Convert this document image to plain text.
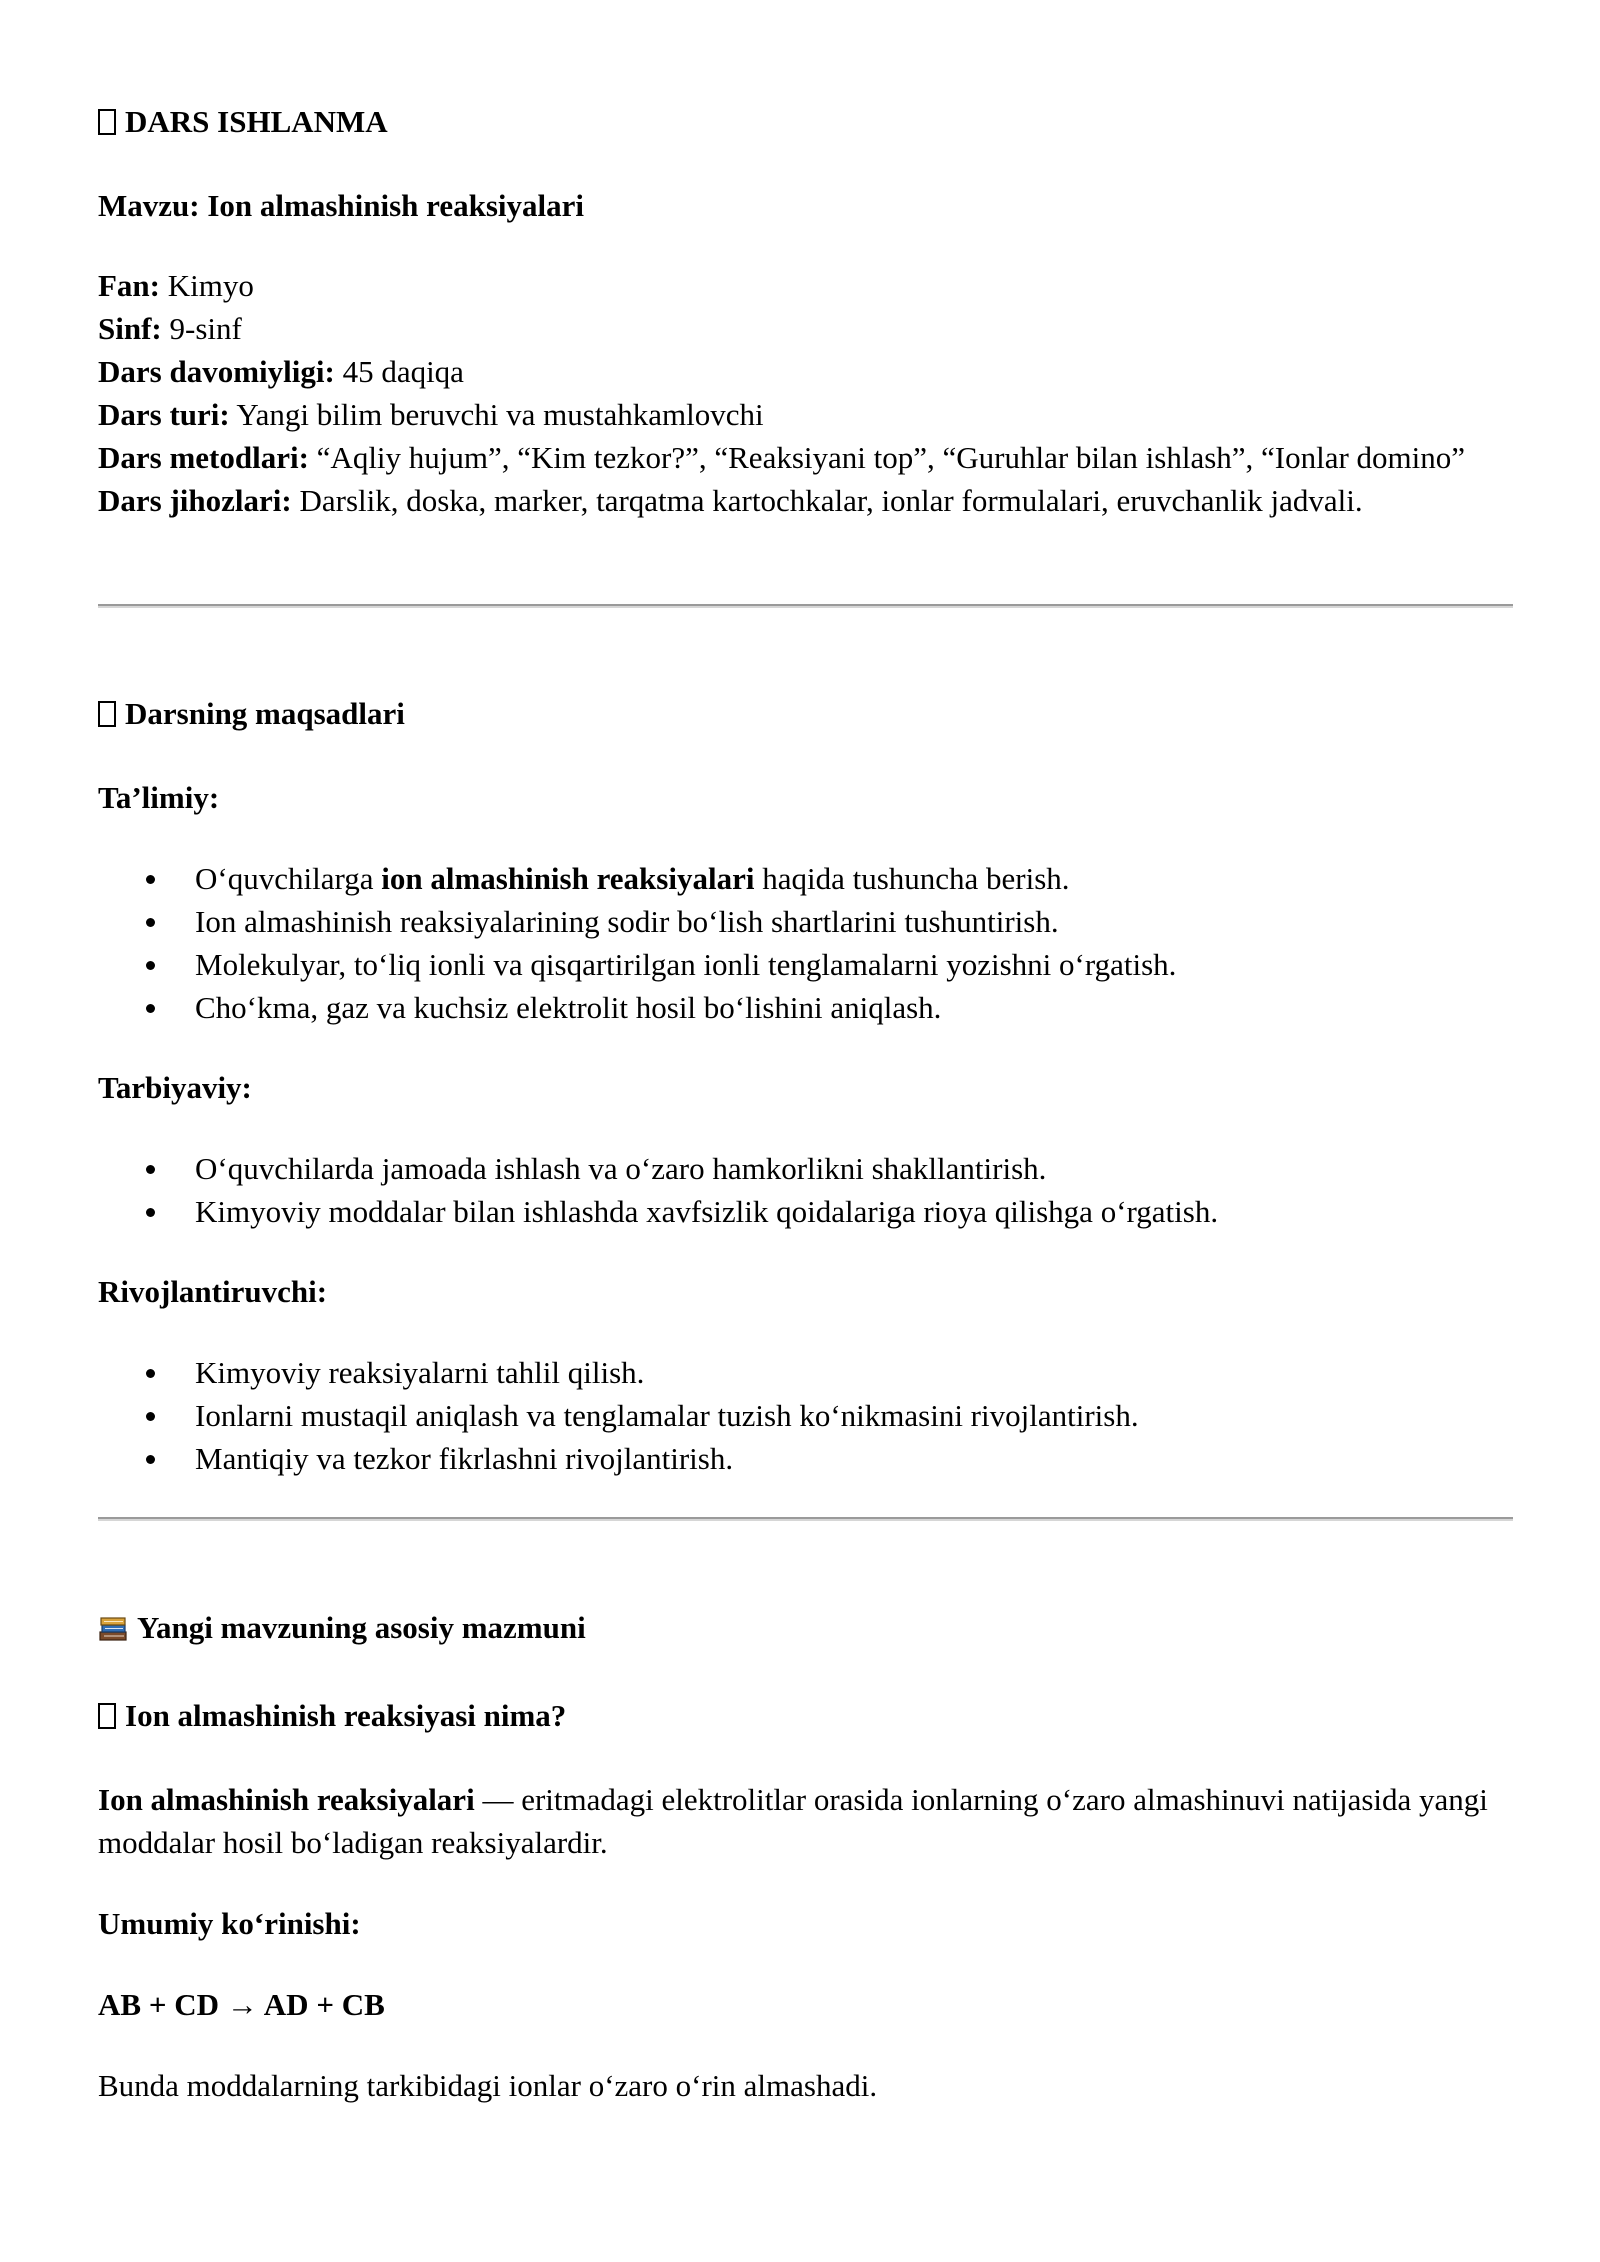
DARS ISHLANMA
Mavzu: Ion almashinish reaksiyalari
Fan: Kimyo
Sinf: 9-sinf
Dars davomiyligi: 45 daqiqa
Dars turi: Yangi bilim beruvchi va mustahkamlovchi
Dars metodlari: “Aqliy hujum”, “Kim tezkor?”, “Reaksiyani top”, “Guruhlar bilan ishlash”, “Ionlar domino”
Dars jihozlari: Darslik, doska, marker, tarqatma kartochkalar, ionlar formulalari, eruvchanlik jadvali.
Darsning maqsadlari
Ta’limiy:
O‘quvchilarga ion almashinish reaksiyalari haqida tushuncha berish.
Ion almashinish reaksiyalarining sodir bo‘lish shartlarini tushuntirish.
Molekulyar, to‘liq ionli va qisqartirilgan ionli tenglamalarni yozishni o‘rgatish.
Cho‘kma, gaz va kuchsiz elektrolit hosil bo‘lishini aniqlash.
Tarbiyaviy:
O‘quvchilarda jamoada ishlash va o‘zaro hamkorlikni shakllantirish.
Kimyoviy moddalar bilan ishlashda xavfsizlik qoidalariga rioya qilishga o‘rgatish.
Rivojlantiruvchi:
Kimyoviy reaksiyalarni tahlil qilish.
Ionlarni mustaqil aniqlash va tenglamalar tuzish ko‘nikmasini rivojlantirish.
Mantiqiy va tezkor fikrlashni rivojlantirish.
Yangi mavzuning asosiy mazmuni
Ion almashinish reaksiyasi nima?
Ion almashinish reaksiyalari — eritmadagi elektrolitlar orasida ionlarning o‘zaro almashinuvi natijasida yangi moddalar hosil bo‘ladigan reaksiyalardir.
Umumiy ko‘rinishi:
AB + CD → AD + CB
Bunda moddalarning tarkibidagi ionlar o‘zaro o‘rin almashadi.
